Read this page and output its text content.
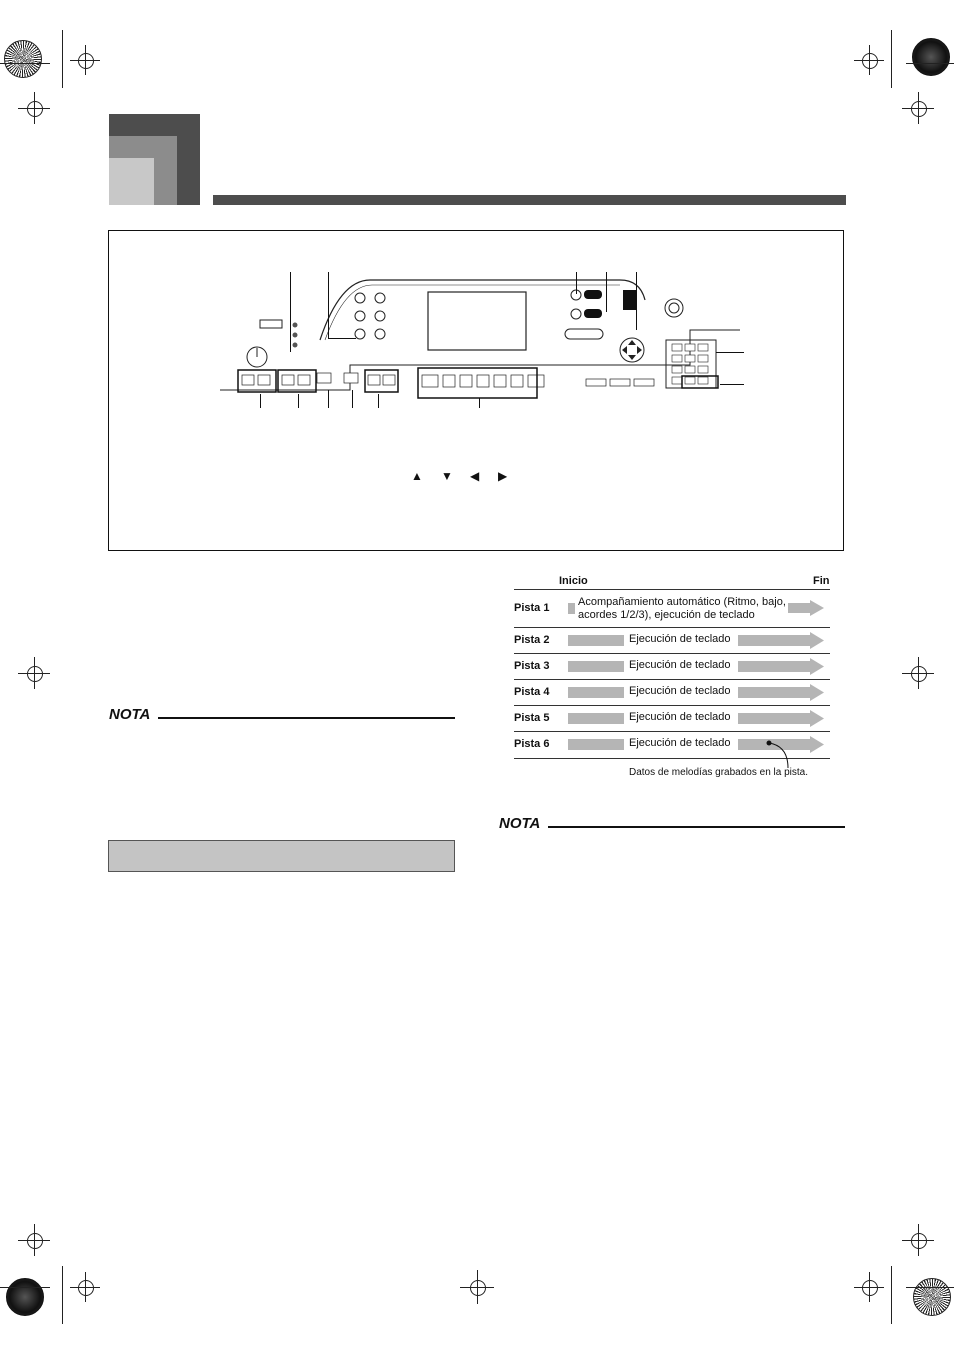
▲ ▼ ◀ ▶
NOTA
Inicio	Fin
Pista 1	Acompañamiento automático (Ritmo, bajo, acordes 1/2/3), ejecución de teclado
Pista 2	Ejecución de teclado
Pista 3	Ejecución de teclado
Pista 4	Ejecución de teclado
Pista 5	Ejecución de teclado
Pista 6	Ejecución de teclado
Datos de melodías grabados en la pista.
NOTA
